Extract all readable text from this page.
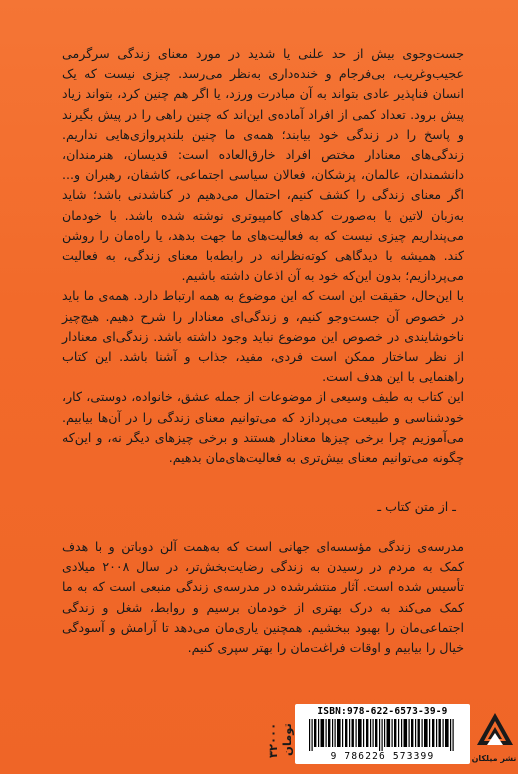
جست‌وجوی بیش از حد علنی یا شدید در مورد معنای زندگی سرگرمی عجیب‌وغریب، بی‌فرجام و خنده‌داری به‌نظر می‌رسد. چیزی نیست که یک انسان فناپذیر عادی بتواند به آن مبادرت ورزد، یا اگر هم چنین کرد، بتواند زیاد پیش برود. تعداد کمی از افراد آماده‌ی این‌اند که چنین راهی را در پیش بگیرند و پاسخ را در زندگی خود بیابند؛ همه‌ی ما چنین بلندپروازی‌هایی نداریم. زندگی‌های معنادار مختص افراد خارق‌العاده است: قدیسان، هنرمندان، دانشمندان، عالمان، پزشکان، فعالان سیاسی اجتماعی، کاشفان، رهبران و... اگر معنای زندگی را کشف کنیم، احتمال می‌دهیم در کنا‌شدنی باشد؛ شاید به‌زبان لاتین یا به‌صورت کدهای کامپیوتری نوشته شده باشد. با خودمان می‌پنداریم چیزی نیست که به فعالیت‌های ما جهت بدهد، یا راه‌مان را روشن کند. همیشه با دیدگاهی کوته‌نظرانه در رابطه‌با معنای زندگی، به فعالیت می‌پردازیم؛ بدون این‌که خود به آن اذعان داشته باشیم.

با این‌حال، حقیقت این است که این موضوع به همه ارتباط دارد. همه‌ی ما باید در خصوص آن جست‌وجو کنیم، و زندگی‌ای معنادار را شرح دهیم. هیچ‌چیز ناخوشایندی در خصوص این موضوع نباید وجود داشته باشد. زندگی‌ای معنادار از نظر ساختار ممکن است فردی، مفید، جذاب و آشنا باشد. این کتاب راهنمایی با این هدف است.

این کتاب به طیف وسیعی از موضوعات از جمله عشق، خانواده، دوستی، کار، خودشناسی و طبیعت می‌پردازد که می‌توانیم معنای زندگی را در آن‌ها بیابیم. می‌آموزیم چرا برخی چیزها معنادار هستند و برخی چیزهای دیگر نه، و این‌که چگونه می‌توانیم معنای بیش‌تری به فعالیت‌های‌مان بدهیم.

ـ از متن کتاب ـ

مدرسه‌ی زندگی مؤسسه‌ای جهانی است که به‌همت آلن دوباتن و با هدف کمک به مردم در رسیدن به زندگی رضایت‌بخش‌تر، در سال ۲۰۰۸ میلادی تأسیس شده است. آثار منتشرشده در مدرسه‌ی زندگی منبعی است که به ما کمک می‌کند به درک بهتری از خودمان برسیم و روابط، شغل و زندگی اجتماعی‌مان را بهبود ببخشیم. همچنین یاری‌مان می‌دهد تا آرامش و آسودگی خیال را بیابیم و اوقات فراغت‌مان را بهتر سپری کنیم.

۳۲۰۰۰ تومان
ISBN:978-622-6573-39-9
9 786226 573399	نشر میلکان
